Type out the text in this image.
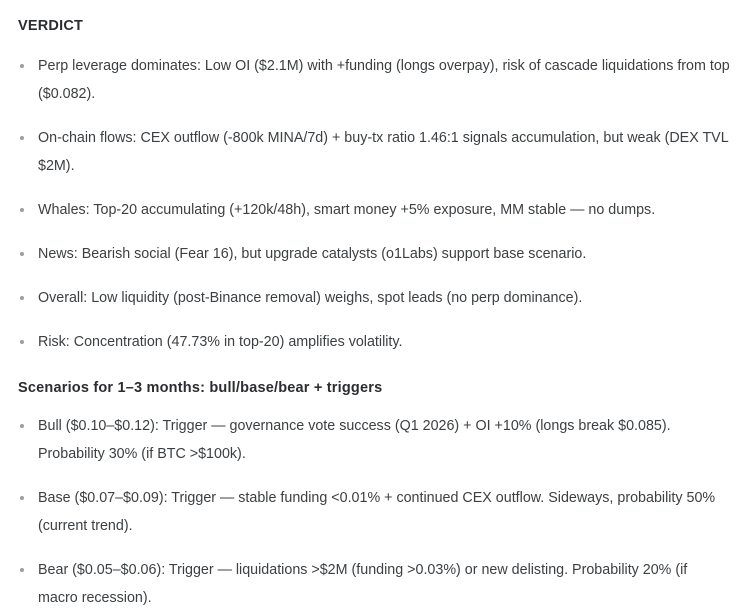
VERDICT
Perp leverage dominates: Low OI ($2.1M) with +funding (longs overpay), risk of cascade liquidations from top ($0.082).
On-chain flows: CEX outflow (-800k MINA/7d) + buy-tx ratio 1.46:1 signals accumulation, but weak (DEX TVL $2M).
Whales: Top-20 accumulating (+120k/48h), smart money +5% exposure, MM stable — no dumps.
News: Bearish social (Fear 16), but upgrade catalysts (o1Labs) support base scenario.
Overall: Low liquidity (post-Binance removal) weighs, spot leads (no perp dominance).
Risk: Concentration (47.73% in top-20) amplifies volatility.
Scenarios for 1–3 months: bull/base/bear + triggers
Bull ($0.10–$0.12): Trigger — governance vote success (Q1 2026) + OI +10% (longs break $0.085). Probability 30% (if BTC >$100k).
Base ($0.07–$0.09): Trigger — stable funding <0.01% + continued CEX outflow. Sideways, probability 50% (current trend).
Bear ($0.05–$0.06): Trigger — liquidations >$2M (funding >0.03%) or new delisting. Probability 20% (if macro recession).
